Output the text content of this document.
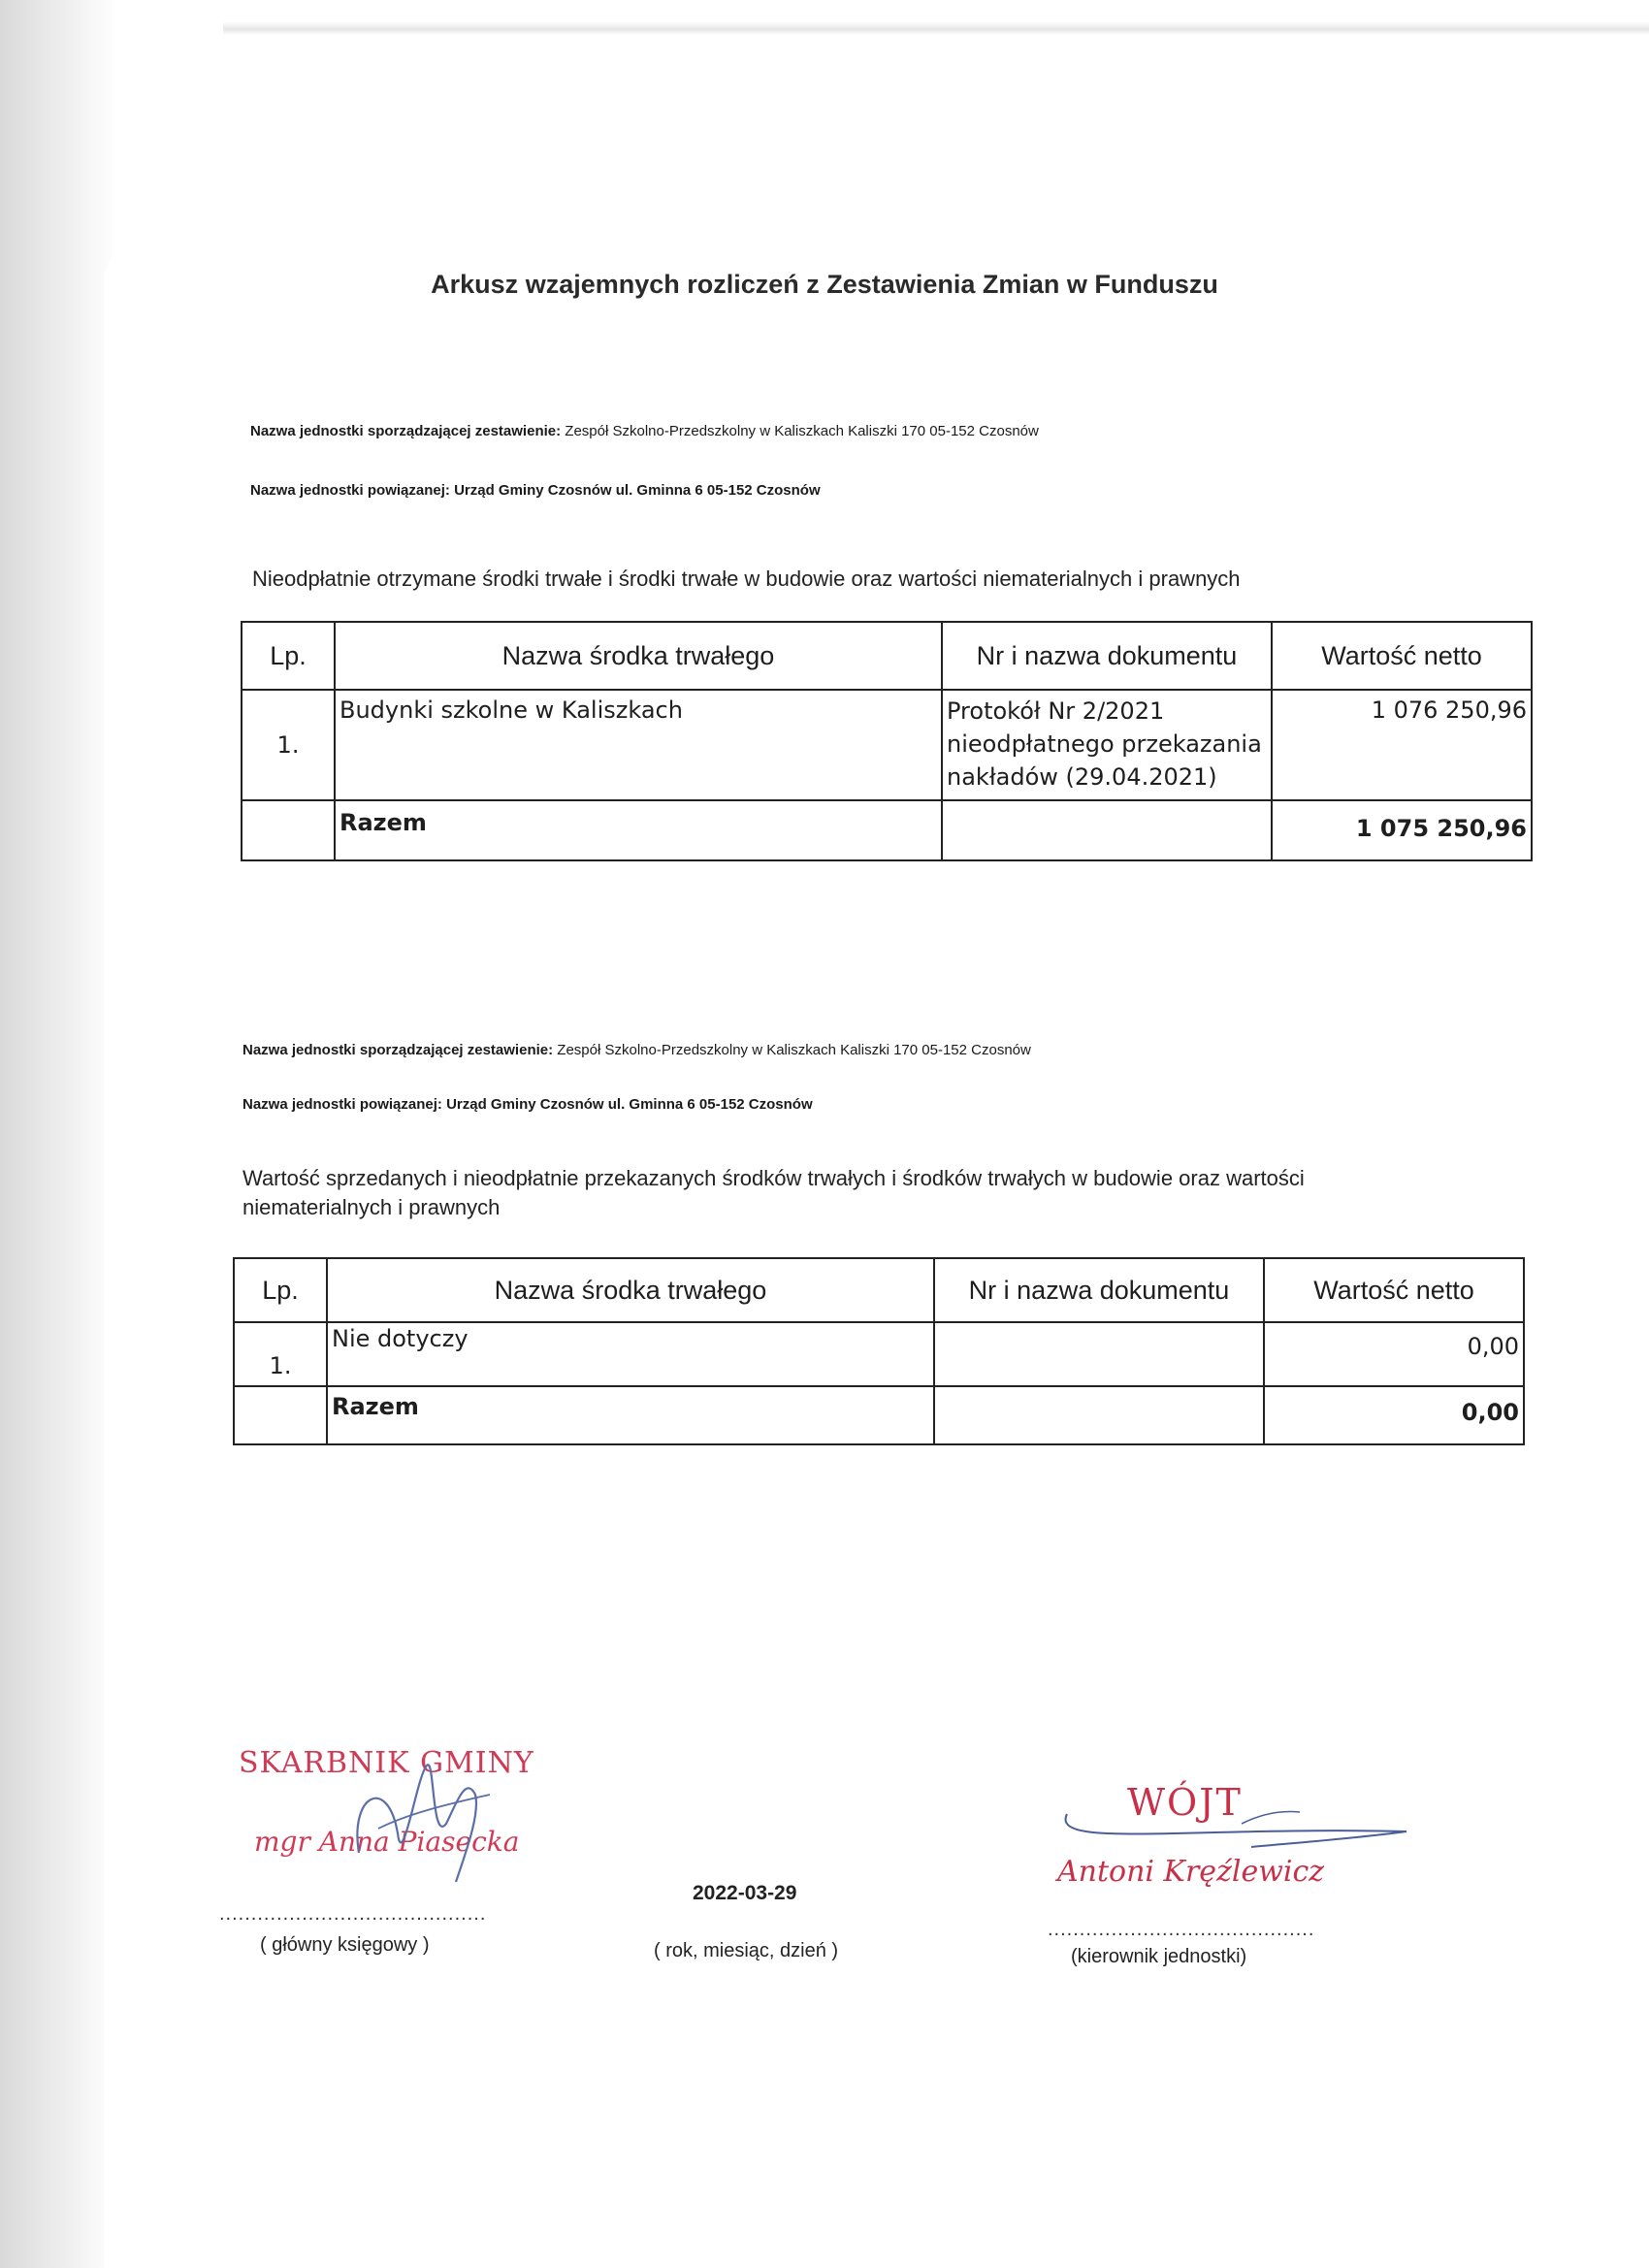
Arkusz wzajemnych rozliczeń z Zestawienia Zmian w Funduszu
Nazwa jednostki sporządzającej zestawienie: Zespół Szkolno-Przedszkolny w Kaliszkach Kaliszki 170 05-152 Czosnów
Nazwa jednostki powiązanej: Urząd Gminy Czosnów ul. Gminna 6 05-152 Czosnów
Nieodpłatnie otrzymane środki trwałe i środki trwałe w budowie oraz wartości niematerialnych i prawnych
Lp.	Nazwa środka trwałego	Nr i nazwa dokumentu	Wartość netto
1.	Budynki szkolne w Kaliszkach	Protokół Nr 2/2021
nieodpłatnego przekazania
nakładów (29.04.2021)	1 076 250,96
	Razem		1 075 250,96
Nazwa jednostki sporządzającej zestawienie: Zespół Szkolno-Przedszkolny w Kaliszkach Kaliszki 170 05-152 Czosnów
Nazwa jednostki powiązanej: Urząd Gminy Czosnów ul. Gminna 6 05-152 Czosnów
Wartość sprzedanych i nieodpłatnie przekazanych środków trwałych i środków trwałych w budowie oraz wartości
niematerialnych i prawnych
Lp.	Nazwa środka trwałego	Nr i nazwa dokumentu	Wartość netto
1.	Nie dotyczy		0,00
	Razem		0,00
SKARBNIK GMINY
mgr Anna Piasecka
WÓJT
Antoni Kręźlewicz
..........................................
( główny księgowy )
2022-03-29
( rok, miesiąc, dzień )
..........................................
(kierownik jednostki)
